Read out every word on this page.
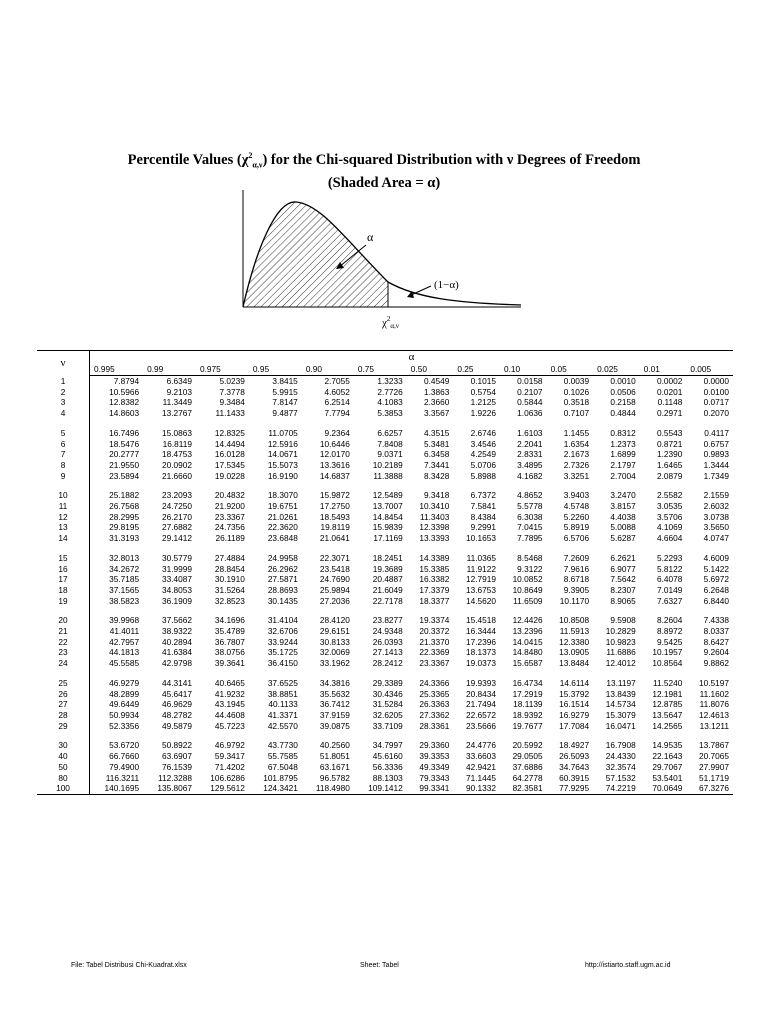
Percentile Values $(\chi^2_{\alpha,\nu})$ for the Chi-squared Distribution with ν Degrees of Freedom
(Shaded Area = α)
α
(1−α)
$\chi^2_{\alpha,\nu}$
ν	α												
	0.995	0.99	0.975	0.95	0.90	0.75	0.50	0.25	0.10	0.05	0.025	0.01	0.005
1	7.8794	6.6349	5.0239	3.8415	2.7055	1.3233	0.4549	0.1015	0.0158	0.0039	0.0010	0.0002	0.0000
2	10.5966	9.2103	7.3778	5.9915	4.6052	2.7726	1.3863	0.5754	0.2107	0.1026	0.0506	0.0201	0.0100
3	12.8382	11.3449	9.3484	7.8147	6.2514	4.1083	2.3660	1.2125	0.5844	0.3518	0.2158	0.1148	0.0717
4	14.8603	13.2767	11.1433	9.4877	7.7794	5.3853	3.3567	1.9226	1.0636	0.7107	0.4844	0.2971	0.2070

5	16.7496	15.0863	12.8325	11.0705	9.2364	6.6257	4.3515	2.6746	1.6103	1.1455	0.8312	0.5543	0.4117
6	18.5476	16.8119	14.4494	12.5916	10.6446	7.8408	5.3481	3.4546	2.2041	1.6354	1.2373	0.8721	0.6757
7	20.2777	18.4753	16.0128	14.0671	12.0170	9.0371	6.3458	4.2549	2.8331	2.1673	1.6899	1.2390	0.9893
8	21.9550	20.0902	17.5345	15.5073	13.3616	10.2189	7.3441	5.0706	3.4895	2.7326	2.1797	1.6465	1.3444
9	23.5894	21.6660	19.0228	16.9190	14.6837	11.3888	8.3428	5.8988	4.1682	3.3251	2.7004	2.0879	1.7349

10	25.1882	23.2093	20.4832	18.3070	15.9872	12.5489	9.3418	6.7372	4.8652	3.9403	3.2470	2.5582	2.1559
11	26.7568	24.7250	21.9200	19.6751	17.2750	13.7007	10.3410	7.5841	5.5778	4.5748	3.8157	3.0535	2.6032
12	28.2995	26.2170	23.3367	21.0261	18.5493	14.8454	11.3403	8.4384	6.3038	5.2260	4.4038	3.5706	3.0738
13	29.8195	27.6882	24.7356	22.3620	19.8119	15.9839	12.3398	9.2991	7.0415	5.8919	5.0088	4.1069	3.5650
14	31.3193	29.1412	26.1189	23.6848	21.0641	17.1169	13.3393	10.1653	7.7895	6.5706	5.6287	4.6604	4.0747

15	32.8013	30.5779	27.4884	24.9958	22.3071	18.2451	14.3389	11.0365	8.5468	7.2609	6.2621	5.2293	4.6009
16	34.2672	31.9999	28.8454	26.2962	23.5418	19.3689	15.3385	11.9122	9.3122	7.9616	6.9077	5.8122	5.1422
17	35.7185	33.4087	30.1910	27.5871	24.7690	20.4887	16.3382	12.7919	10.0852	8.6718	7.5642	6.4078	5.6972
18	37.1565	34.8053	31.5264	28.8693	25.9894	21.6049	17.3379	13.6753	10.8649	9.3905	8.2307	7.0149	6.2648
19	38.5823	36.1909	32.8523	30.1435	27.2036	22.7178	18.3377	14.5620	11.6509	10.1170	8.9065	7.6327	6.8440

20	39.9968	37.5662	34.1696	31.4104	28.4120	23.8277	19.3374	15.4518	12.4426	10.8508	9.5908	8.2604	7.4338
21	41.4011	38.9322	35.4789	32.6706	29.6151	24.9348	20.3372	16.3444	13.2396	11.5913	10.2829	8.8972	8.0337
22	42.7957	40.2894	36.7807	33.9244	30.8133	26.0393	21.3370	17.2396	14.0415	12.3380	10.9823	9.5425	8.6427
23	44.1813	41.6384	38.0756	35.1725	32.0069	27.1413	22.3369	18.1373	14.8480	13.0905	11.6886	10.1957	9.2604
24	45.5585	42.9798	39.3641	36.4150	33.1962	28.2412	23.3367	19.0373	15.6587	13.8484	12.4012	10.8564	9.8862

25	46.9279	44.3141	40.6465	37.6525	34.3816	29.3389	24.3366	19.9393	16.4734	14.6114	13.1197	11.5240	10.5197
26	48.2899	45.6417	41.9232	38.8851	35.5632	30.4346	25.3365	20.8434	17.2919	15.3792	13.8439	12.1981	11.1602
27	49.6449	46.9629	43.1945	40.1133	36.7412	31.5284	26.3363	21.7494	18.1139	16.1514	14.5734	12.8785	11.8076
28	50.9934	48.2782	44.4608	41.3371	37.9159	32.6205	27.3362	22.6572	18.9392	16.9279	15.3079	13.5647	12.4613
29	52.3356	49.5879	45.7223	42.5570	39.0875	33.7109	28.3361	23.5666	19.7677	17.7084	16.0471	14.2565	13.1211

30	53.6720	50.8922	46.9792	43.7730	40.2560	34.7997	29.3360	24.4776	20.5992	18.4927	16.7908	14.9535	13.7867
40	66.7660	63.6907	59.3417	55.7585	51.8051	45.6160	39.3353	33.6603	29.0505	26.5093	24.4330	22.1643	20.7065
50	79.4900	76.1539	71.4202	67.5048	63.1671	56.3336	49.3349	42.9421	37.6886	34.7643	32.3574	29.7067	27.9907
80	116.3211	112.3288	106.6286	101.8795	96.5782	88.1303	79.3343	71.1445	64.2778	60.3915	57.1532	53.5401	51.1719
100	140.1695	135.8067	129.5612	124.3421	118.4980	109.1412	99.3341	90.1332	82.3581	77.9295	74.2219	70.0649	67.3276
File: Tabel Distribusi Chi-Kuadrat.xlsx	Sheet: Tabel	http://istiarto.staff.ugm.ac.id
